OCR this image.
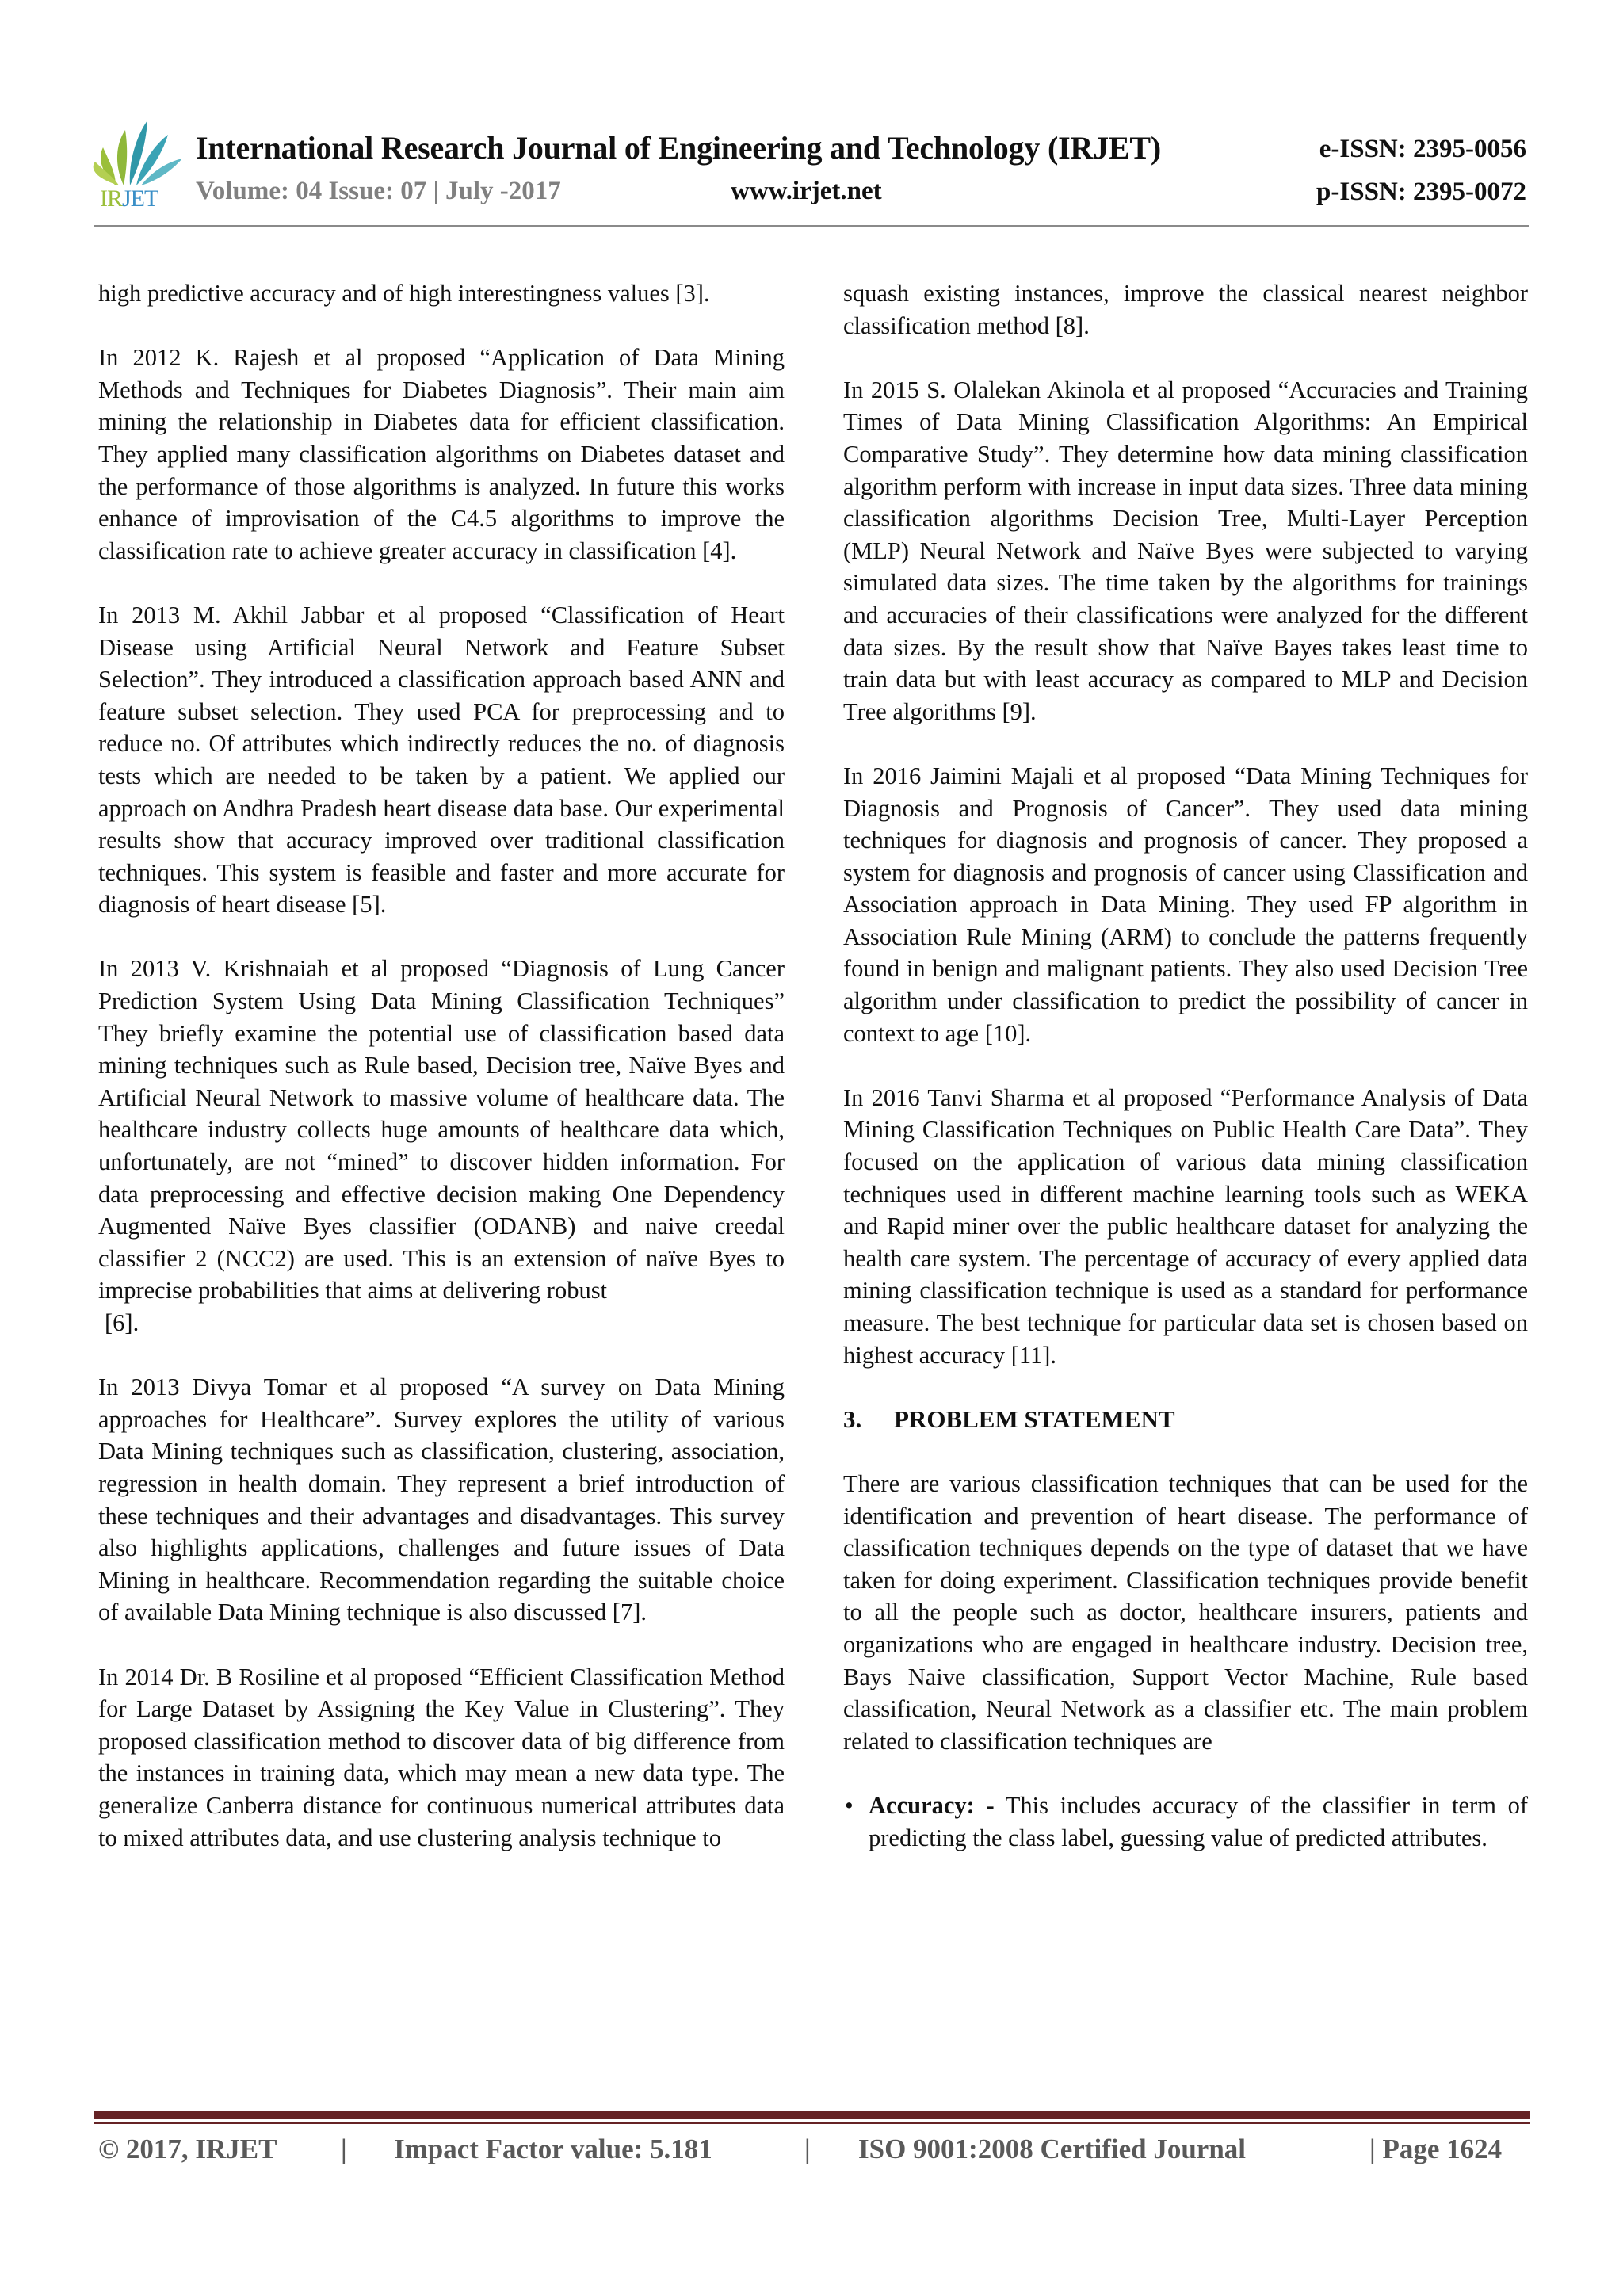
IRJET
International Research Journal of Engineering and Technology (IRJET)	e-ISSN: 2395-0056
Volume: 04 Issue: 07 | July -2017	www.irjet.net	p-ISSN: 2395-0072

high predictive accuracy and of high interestingness values [3].

In 2012 K. Rajesh et al proposed “Application of Data Mining Methods and Techniques for Diabetes Diagnosis”. Their main aim mining the relationship in Diabetes data for efficient classification. They applied many classification algorithms on Diabetes dataset and the performance of those algorithms is analyzed. In future this works enhance of improvisation of the C4.5 algorithms to improve the classification rate to achieve greater accuracy in classification [4].

In 2013 M. Akhil Jabbar et al proposed “Classification of Heart Disease using Artificial Neural Network and Feature Subset Selection”. They introduced a classification approach based ANN and feature subset selection. They used PCA for preprocessing and to reduce no. Of attributes which indirectly reduces the no. of diagnosis tests which are needed to be taken by a patient. We applied our approach on Andhra Pradesh heart disease data base. Our experimental results show that accuracy improved over traditional classification techniques. This system is feasible and faster and more accurate for diagnosis of heart disease [5].

In 2013 V. Krishnaiah et al proposed “Diagnosis of Lung Cancer Prediction System Using Data Mining Classification Techniques” They briefly examine the potential use of classification based data mining techniques such as Rule based, Decision tree, Naïve Byes and Artificial Neural Network to massive volume of healthcare data. The healthcare industry collects huge amounts of healthcare data which, unfortunately, are not “mined” to discover hidden information. For data preprocessing and effective decision making One Dependency Augmented Naïve Byes classifier (ODANB) and naive creedal classifier 2 (NCC2) are used. This is an extension of naïve Byes to imprecise probabilities that aims at delivering robust
[6].

In 2013 Divya Tomar et al proposed “A survey on Data Mining approaches for Healthcare”. Survey explores the utility of various Data Mining techniques such as classification, clustering, association, regression in health domain. They represent a brief introduction of these techniques and their advantages and disadvantages. This survey also highlights applications, challenges and future issues of Data Mining in healthcare. Recommendation regarding the suitable choice of available Data Mining technique is also discussed [7].

In 2014 Dr. B Rosiline et al proposed “Efficient Classification Method for Large Dataset by Assigning the Key Value in Clustering”. They proposed classification method to discover data of big difference from the instances in training data, which may mean a new data type. The generalize Canberra distance for continuous numerical attributes data to mixed attributes data, and use clustering analysis technique to

squash existing instances, improve the classical nearest neighbor classification method [8].

In 2015 S. Olalekan Akinola et al proposed “Accuracies and Training Times of Data Mining Classification Algorithms: An Empirical Comparative Study”. They determine how data mining classification algorithm perform with increase in input data sizes. Three data mining classification algorithms Decision Tree, Multi-Layer Perception (MLP) Neural Network and Naïve Byes were subjected to varying simulated data sizes. The time taken by the algorithms for trainings and accuracies of their classifications were analyzed for the different data sizes. By the result show that Naïve Bayes takes least time to train data but with least accuracy as compared to MLP and Decision Tree algorithms [9].

In 2016 Jaimini Majali et al proposed “Data Mining Techniques for Diagnosis and Prognosis of Cancer”. They used data mining techniques for diagnosis and prognosis of cancer. They proposed a system for diagnosis and prognosis of cancer using Classification and Association approach in Data Mining. They used FP algorithm in Association Rule Mining (ARM) to conclude the patterns frequently found in benign and malignant patients. They also used Decision Tree algorithm under classification to predict the possibility of cancer in context to age [10].

In 2016 Tanvi Sharma et al proposed “Performance Analysis of Data Mining Classification Techniques on Public Health Care Data”. They focused on the application of various data mining classification techniques used in different machine learning tools such as WEKA and Rapid miner over the public healthcare dataset for analyzing the health care system. The percentage of accuracy of every applied data mining classification technique is used as a standard for performance measure. The best technique for particular data set is chosen based on highest accuracy [11].

3. PROBLEM STATEMENT

There are various classification techniques that can be used for the identification and prevention of heart disease. The performance of classification techniques depends on the type of dataset that we have taken for doing experiment. Classification techniques provide benefit to all the people such as doctor, healthcare insurers, patients and organizations who are engaged in healthcare industry. Decision tree, Bays Naive classification, Support Vector Machine, Rule based classification, Neural Network as a classifier etc. The main problem related to classification techniques are

• Accuracy: - This includes accuracy of the classifier in term of predicting the class label, guessing value of predicted attributes.
© 2017, IRJET | Impact Factor value: 5.181	| ISO 9001:2008 Certified Journal	| Page 1624
